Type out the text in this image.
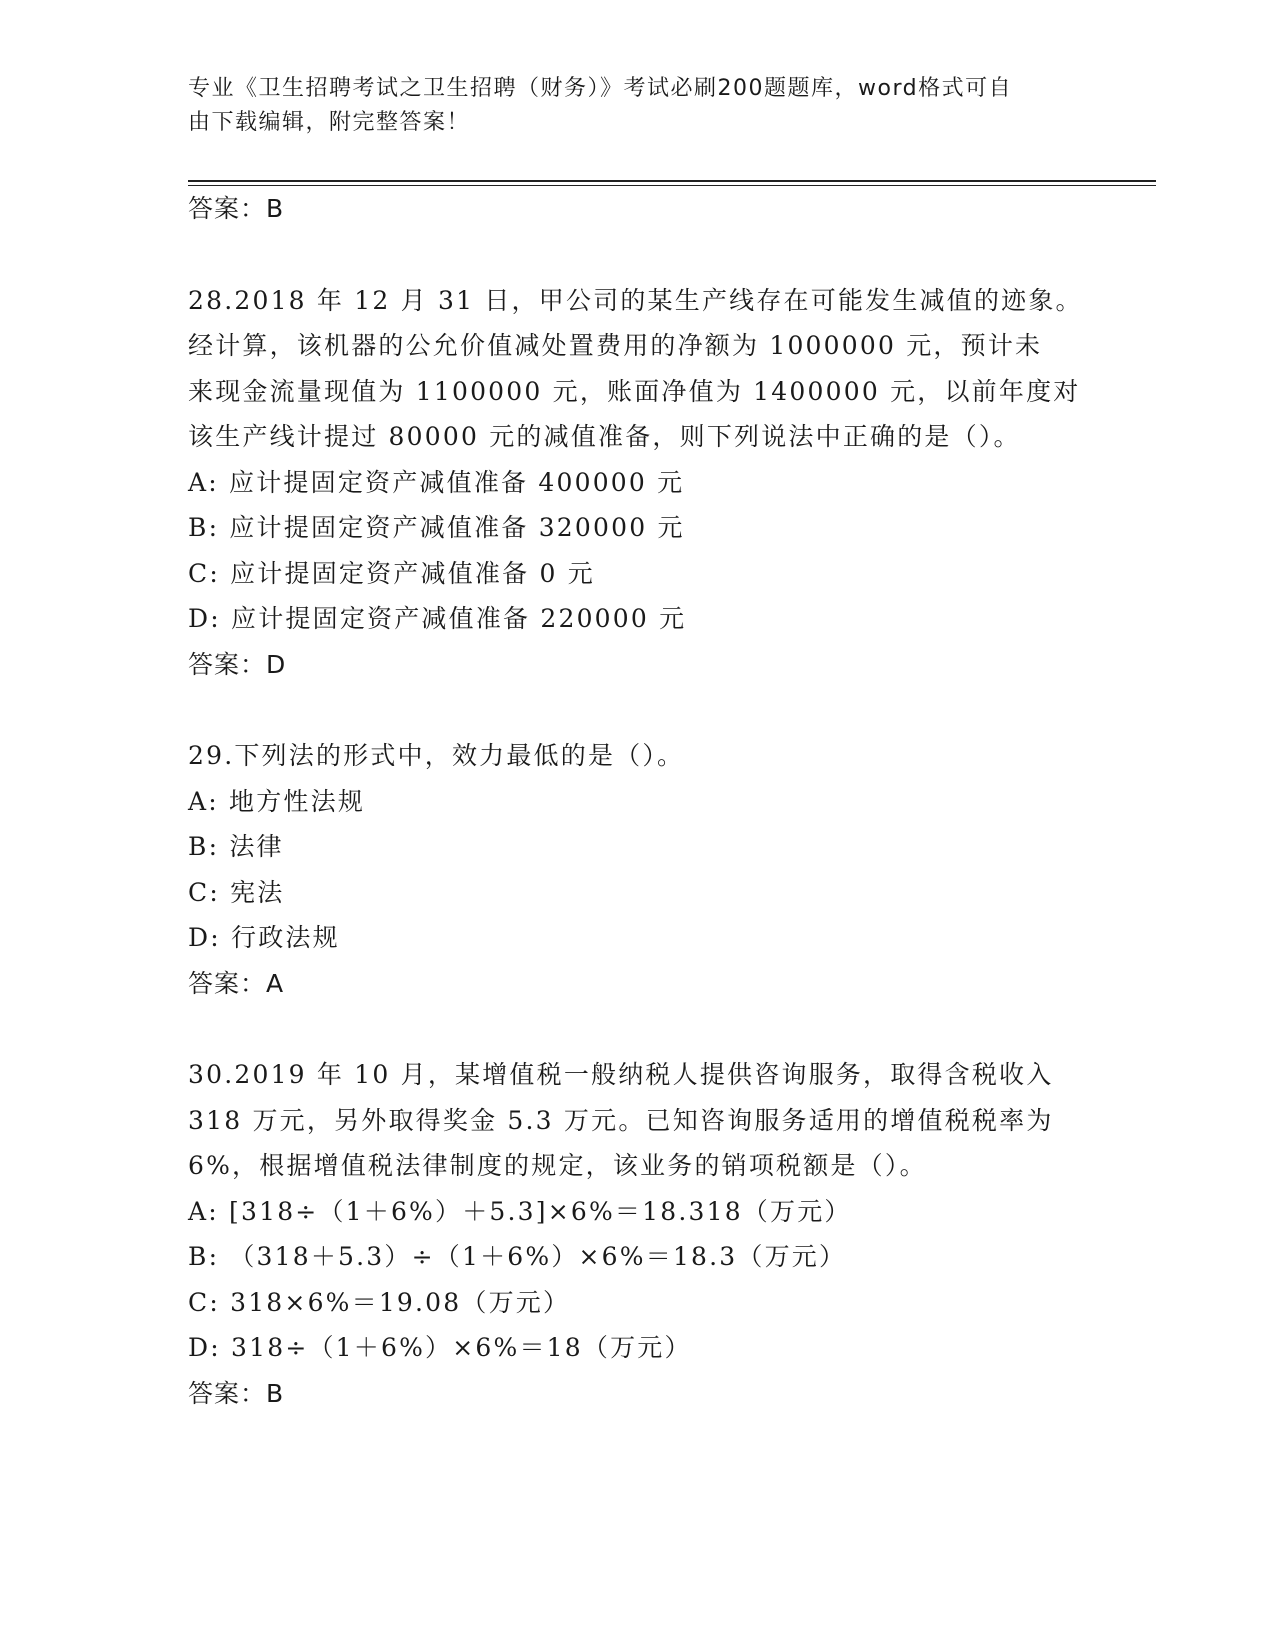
专业《卫生招聘考试之卫生招聘（财务）》考试必刷200题题库，word格式可自
由下载编辑，附完整答案！
答案：B
28.2018 年 12 月 31 日，甲公司的某生产线存在可能发生减值的迹象。
经计算，该机器的公允价值减处置费用的净额为 1000000 元，预计未
来现金流量现值为 1100000 元，账面净值为 1400000 元，以前年度对
该生产线计提过 80000 元的减值准备，则下列说法中正确的是（）。
A: 应计提固定资产减值准备 400000 元
B: 应计提固定资产减值准备 320000 元
C: 应计提固定资产减值准备 0 元
D: 应计提固定资产减值准备 220000 元
答案：D
29.下列法的形式中，效力最低的是（）。
A: 地方性法规
B: 法律
C: 宪法
D: 行政法规
答案：A
30.2019 年 10 月，某增值税一般纳税人提供咨询服务，取得含税收入
318 万元，另外取得奖金 5.3 万元。已知咨询服务适用的增值税税率为
6%，根据增值税法律制度的规定，该业务的销项税额是（）。
A: [318÷（1＋6%）＋5.3]×6%＝18.318（万元）
B: （318＋5.3）÷（1＋6%）×6%＝18.3（万元）
C: 318×6%＝19.08（万元）
D: 318÷（1＋6%）×6%＝18（万元）
答案：B
